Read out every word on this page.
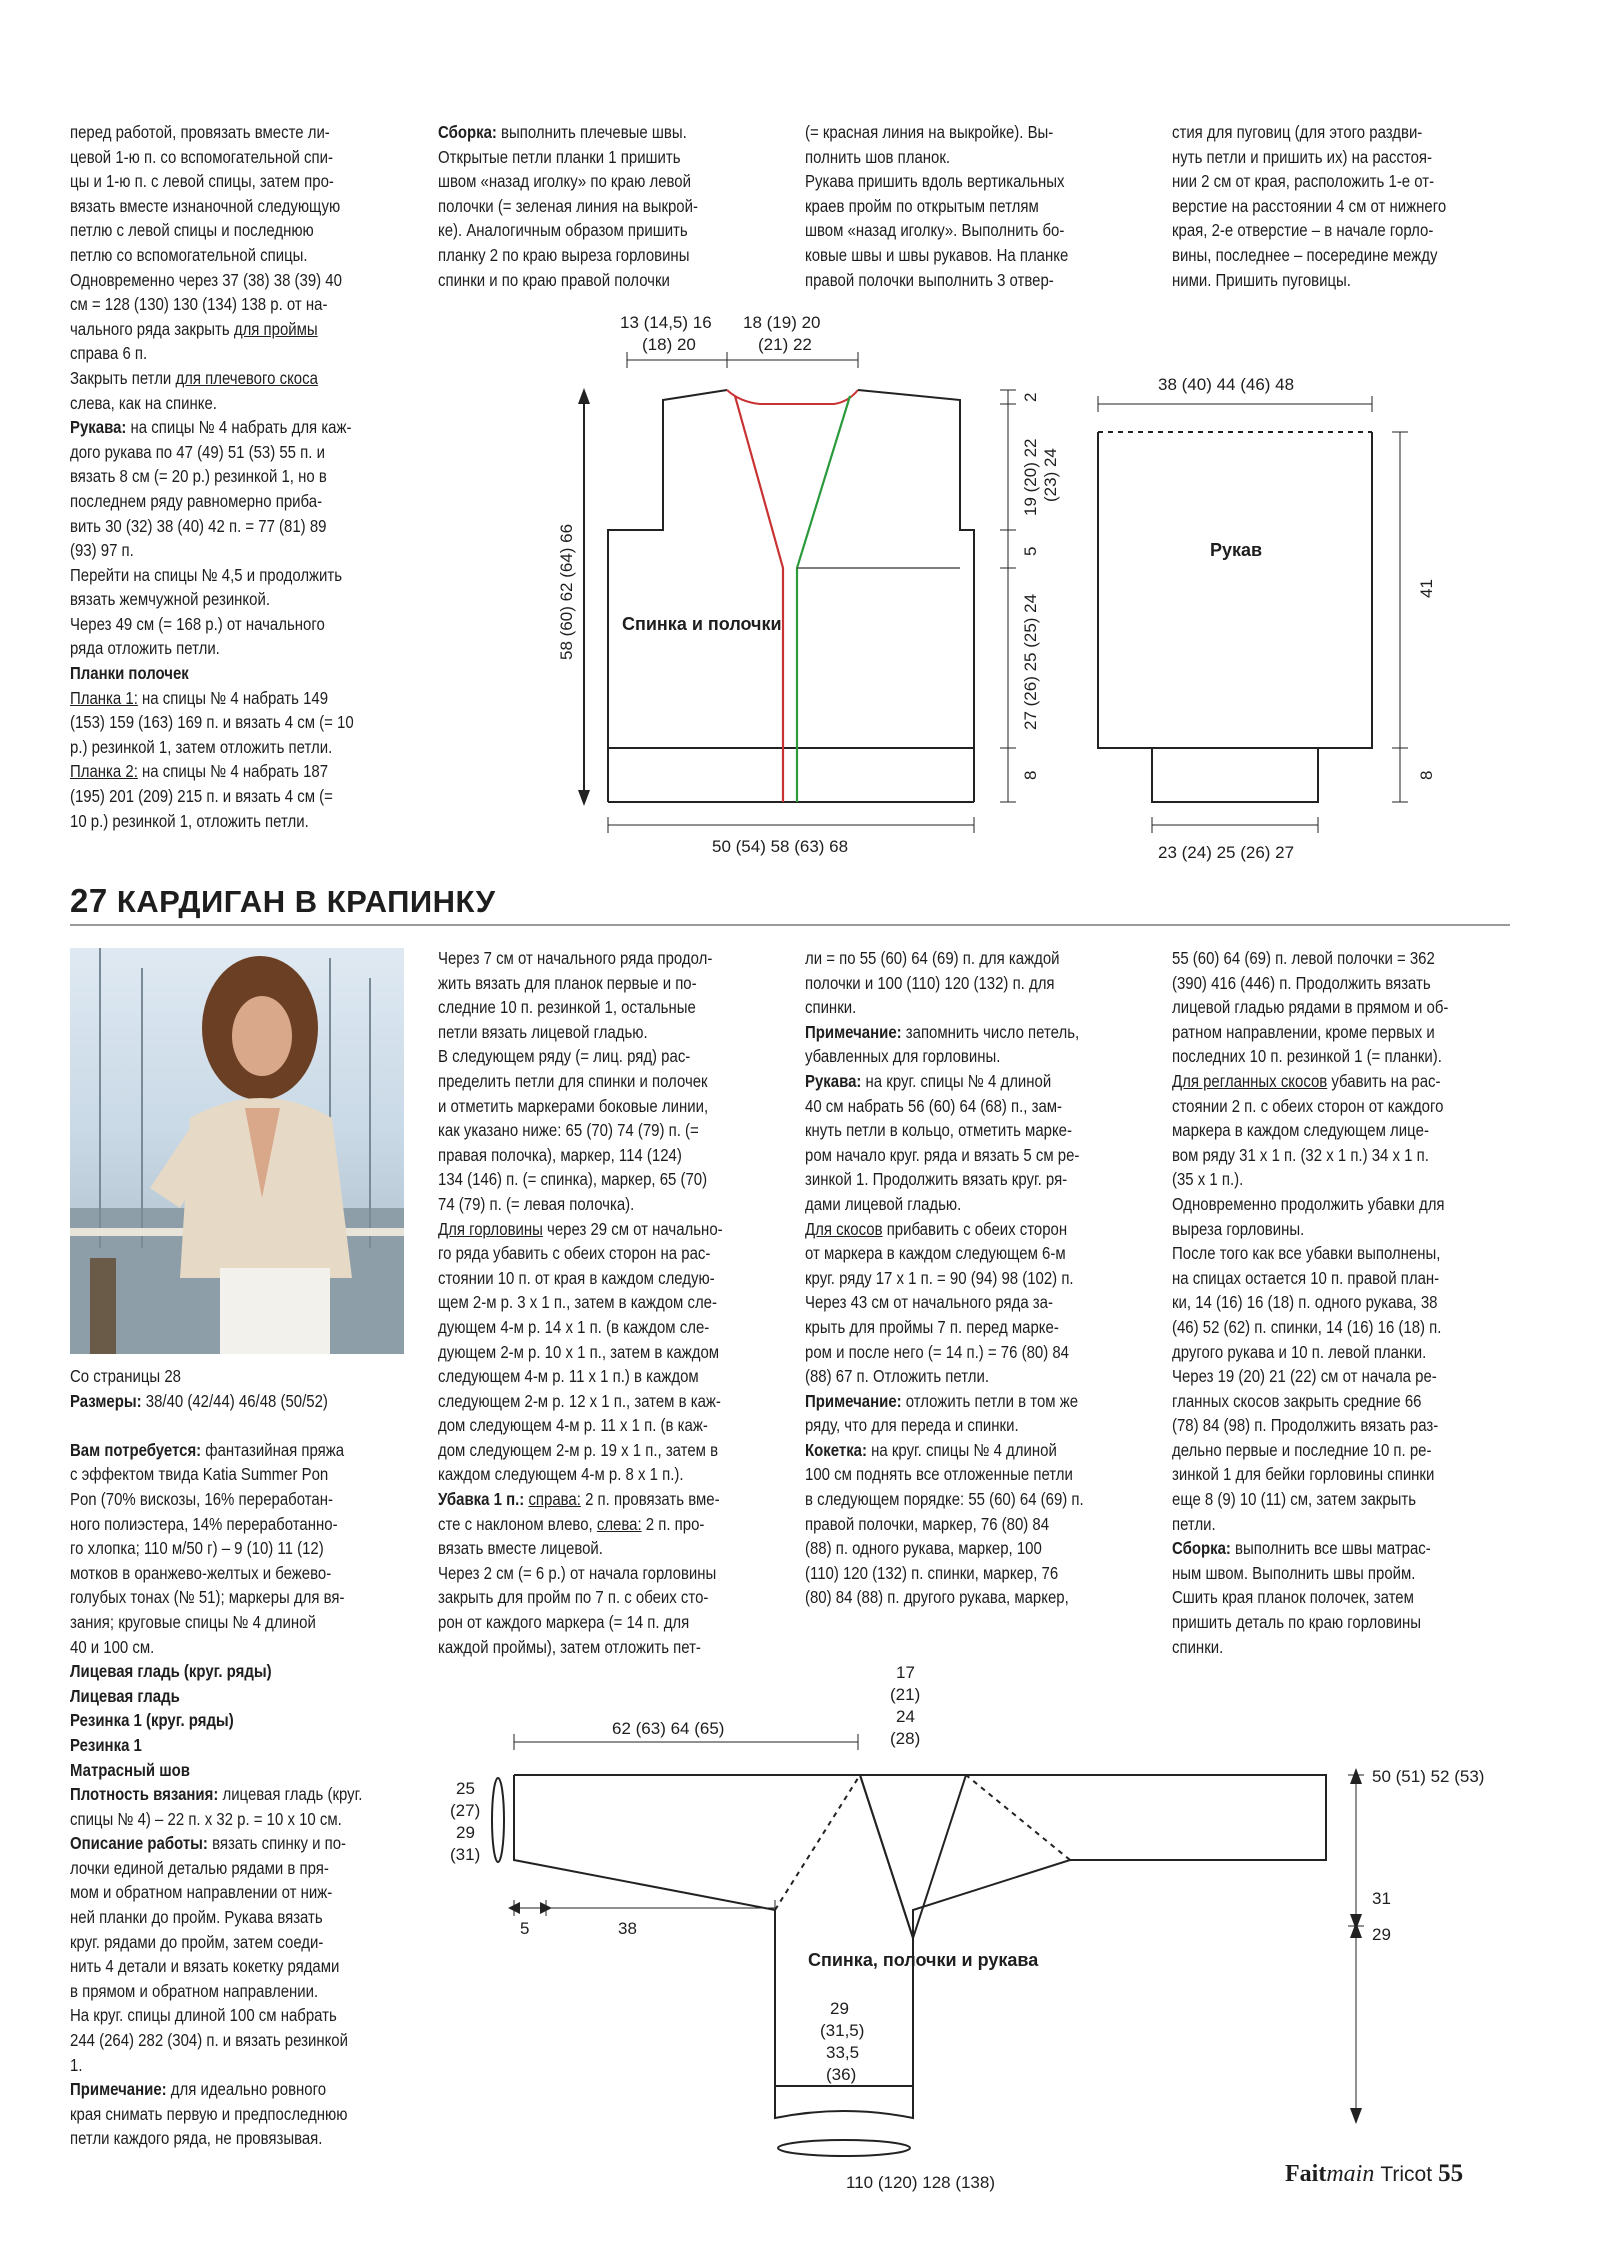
перед работой, провязать вместе ли-

цевой 1-ю п. со вспомогательной спи-

цы и 1-ю п. с левой спицы, затем про-

вязать вместе изнаночной следующую

петлю с левой спицы и последнюю

петлю со вспомогательной спицы.

Одновременно через 37 (38) 38 (39) 40

см = 128 (130) 130 (134) 138 р. от на-

чального ряда закрыть для проймы

справа 6 п.

Закрыть петли для плечевого скоса

слева, как на спинке.

Рукава: на спицы № 4 набрать для каж-

дого рукава по 47 (49) 51 (53) 55 п. и

вязать 8 см (= 20 р.) резинкой 1, но в

последнем ряду равномерно приба-

вить 30 (32) 38 (40) 42 п. = 77 (81) 89

(93) 97 п.

Перейти на спицы № 4,5 и продолжить

вязать жемчужной резинкой.

Через 49 см (= 168 р.) от начального

ряда отложить петли.

Планки полочек

Планка 1: на спицы № 4 набрать 149

(153) 159 (163) 169 п. и вязать 4 см (= 10

р.) резинкой 1, затем отложить петли.

Планка 2: на спицы № 4 набрать 187

(195) 201 (209) 215 п. и вязать 4 см (=

10 р.) резинкой 1, отложить петли.

Сборка: выполнить плечевые швы.

Открытые петли планки 1 пришить

швом «назад иголку» по краю левой

полочки (= зеленая линия на выкрой-

ке). Аналогичным образом пришить

планку 2 по краю выреза горловины

спинки и по краю правой полочки

(= красная линия на выкройке). Вы-

полнить шов планок.

Рукава пришить вдоль вертикальных

краев пройм по открытым петлям

швом «назад иголку». Выполнить бо-

ковые швы и швы рукавов. На планке

правой полочки выполнить 3 отвер-

стия для пуговиц (для этого раздви-

нуть петли и пришить их) на расстоя-

нии 2 см от края, расположить 1-е от-

верстие на расстоянии 4 см от нижнего

края, 2-е отверстие – в начале горло-

вины, последнее – посередине между

ними. Пришить пуговицы.

13 (14,5) 16
(18) 20
18 (19) 20
(21) 22
58 (60) 62 (64) 66	Спинка и полочки
2
19 (20) 22 (23) 24
5
27 (26) 25 (25) 24
8
50 (54) 58 (63) 68
38 (40) 44 (46) 48
Рукав
41
8
23 (24) 25 (26) 27
17
(21)
24
(28)
62 (63) 64 (65)
25
(27)
29
(31)
50 (51) 52 (53)
31
29
5	38
Спинка, полочки и рукава
29
(31,5)
33,5
(36)
110 (120) 128 (138)
27 КАРДИГАН В КРАПИНКУ

Со страницы 28

Размеры: 38/40 (42/44) 46/48 (50/52)

Вам потребуется: фантазийная пряжа

с эффектом твида Katia Summer Pon

Pon (70% вискозы, 16% переработан-

ного полиэстера, 14% переработанно-

го хлопка; 110 м/50 г) – 9 (10) 11 (12)

мотков в оранжево-желтых и бежево-

голубых тонах (№ 51); маркеры для вя-

зания; круговые спицы № 4 длиной

40 и 100 см.

Лицевая гладь (круг. ряды)

Лицевая гладь

Резинка 1 (круг. ряды)

Резинка 1

Матрасный шов

Плотность вязания: лицевая гладь (круг.

спицы № 4) – 22 п. х 32 р. = 10 х 10 см.

Описание работы: вязать спинку и по-

лочки единой деталью рядами в пря-

мом и обратном направлении от ниж-

ней планки до пройм. Рукава вязать

круг. рядами до пройм, затем соеди-

нить 4 детали и вязать кокетку рядами

в прямом и обратном направлении.

На круг. спицы длиной 100 см набрать

244 (264) 282 (304) п. и вязать резинкой 1.

Примечание: для идеально ровного

края снимать первую и предпоследнюю

петли каждого ряда, не провязывая.

Через 7 см от начального ряда продол-

жить вязать для планок первые и по-

следние 10 п. резинкой 1, остальные

петли вязать лицевой гладью.

В следующем ряду (= лиц. ряд) рас-

пределить петли для спинки и полочек

и отметить маркерами боковые линии,

как указано ниже: 65 (70) 74 (79) п. (=

правая полочка), маркер, 114 (124)

134 (146) п. (= спинка), маркер, 65 (70)

74 (79) п. (= левая полочка).

Для горловины через 29 см от начально-

го ряда убавить с обеих сторон на рас-

стоянии 10 п. от края в каждом следую-

щем 2-м р. 3 х 1 п., затем в каждом сле-

дующем 4-м р. 14 х 1 п. (в каждом сле-

дующем 2-м р. 10 х 1 п., затем в каждом

следующем 4-м р. 11 х 1 п.) в каждом

следующем 2-м р. 12 х 1 п., затем в каж-

дом следующем 4-м р. 11 х 1 п. (в каж-

дом следующем 2-м р. 19 х 1 п., затем в

каждом следующем 4-м р. 8 х 1 п.).

Убавка 1 п.: справа: 2 п. провязать вме-

сте с наклоном влево, слева: 2 п. про-

вязать вместе лицевой.

Через 2 см (= 6 р.) от начала горловины

закрыть для пройм по 7 п. с обеих сто-

рон от каждого маркера (= 14 п. для

каждой проймы), затем отложить пет-

ли = по 55 (60) 64 (69) п. для каждой

полочки и 100 (110) 120 (132) п. для

спинки.

Примечание: запомнить число петель,

убавленных для горловины.

Рукава: на круг. спицы № 4 длиной

40 см набрать 56 (60) 64 (68) п., зам-

кнуть петли в кольцо, отметить марке-

ром начало круг. ряда и вязать 5 см ре-

зинкой 1. Продолжить вязать круг. ря-

дами лицевой гладью.

Для скосов прибавить с обеих сторон

от маркера в каждом следующем 6-м

круг. ряду 17 х 1 п. = 90 (94) 98 (102) п.

Через 43 см от начального ряда за-

крыть для проймы 7 п. перед марке-

ром и после него (= 14 п.) = 76 (80) 84

(88) 67 п. Отложить петли.

Примечание: отложить петли в том же

ряду, что для переда и спинки.

Кокетка: на круг. спицы № 4 длиной

100 см поднять все отложенные петли

в следующем порядке: 55 (60) 64 (69) п.

правой полочки, маркер, 76 (80) 84

(88) п. одного рукава, маркер, 100

(110) 120 (132) п. спинки, маркер, 76

(80) 84 (88) п. другого рукава, маркер,

55 (60) 64 (69) п. левой полочки = 362

(390) 416 (446) п. Продолжить вязать

лицевой гладью рядами в прямом и об-

ратном направлении, кроме первых и

последних 10 п. резинкой 1 (= планки).

Для регланных скосов убавить на рас-

стоянии 2 п. с обеих сторон от каждого

маркера в каждом следующем лицe-

вом ряду 31 х 1 п. (32 х 1 п.) 34 х 1 п.

(35 х 1 п.).

Одновременно продолжить убавки для

выреза горловины.

После того как все убавки выполнены,

на спицах остается 10 п. правой план-

ки, 14 (16) 16 (18) п. одного рукава, 38

(46) 52 (62) п. спинки, 14 (16) 16 (18) п.

другого рукава и 10 п. левой планки.

Через 19 (20) 21 (22) см от начала ре-

гланных скосов закрыть средние 66

(78) 84 (98) п. Продолжить вязать раз-

дельно первые и последние 10 п. ре-

зинкой 1 для бейки горловины спинки

еще 8 (9) 10 (11) см, затем закрыть

петли.

Сборка: выполнить все швы матрас-

ным швом. Выполнить швы пройм.

Сшить края планок полочек, затем

пришить деталь по краю горловины

спинки.

Faitmain Tricot 55
